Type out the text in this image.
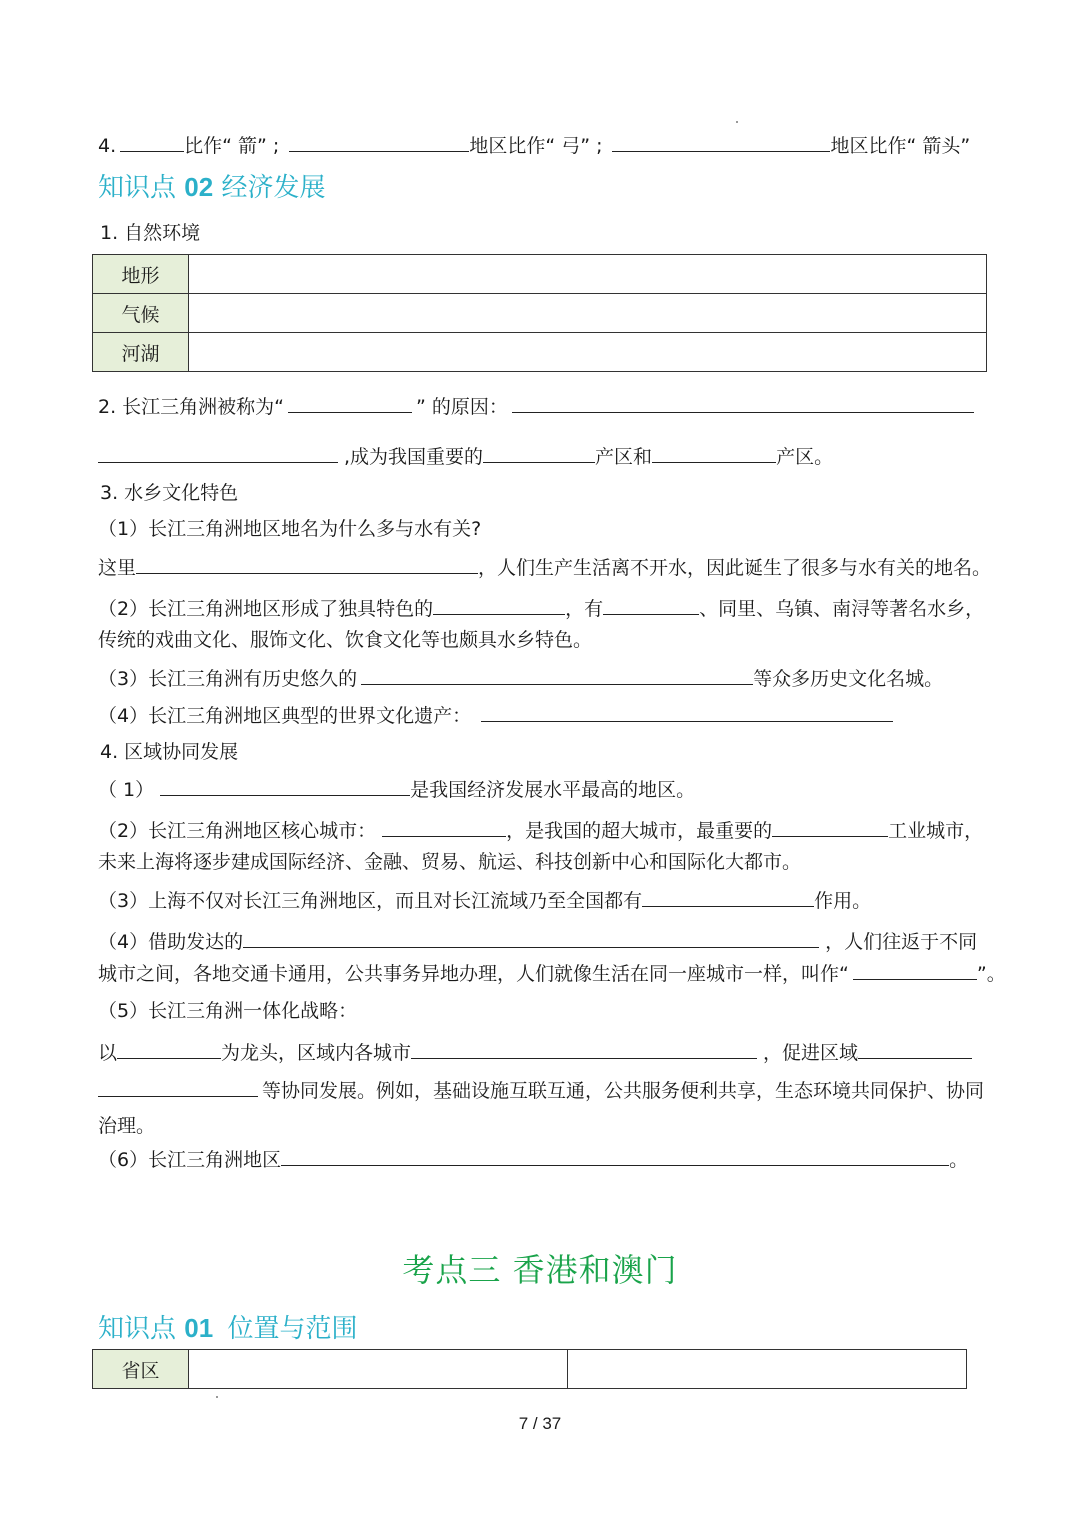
4.	比作“ 箭” ;	地区比作“ 弓” ;	地区比作“ 箭头”
知识点 02 经济发展
1. 自然环境
地形	
气候	
河湖	
2. 长江三角洲被称为“	” 的原因：
,成为我国重要的	产区和	产区。
3. 水乡文化特色
（1）长江三角洲地区地名为什么多与水有关?
这里	，人们生产生活离不开水，因此诞生了很多与水有关的地名。
（2）长江三角洲地区形成了独具特色的	，有	、同里、乌镇、南浔等著名水乡，
传统的戏曲文化、服饰文化、饮食文化等也颇具水乡特色。
（3）长江三角洲有历史悠久的	等众多历史文化名城。
（4）长江三角洲地区典型的世界文化遗产：
4. 区域协同发展
（ 1）	是我国经济发展水平最高的地区。
（2）长江三角洲地区核心城市：	，是我国的超大城市，最重要的	工业城市，
未来上海将逐步建成国际经济、金融、贸易、航运、科技创新中心和国际化大都市。
（3）上海不仅对长江三角洲地区，而且对长江流域乃至全国都有	作用。
（4）借助发达的	，人们往返于不同
城市之间，各地交通卡通用，公共事务异地办理，人们就像生活在同一座城市一样，叫作“	”。
（5）长江三角洲一体化战略：
以	为龙头，区域内各城市	，促进区域
等协同发展。例如，基础设施互联互通，公共服务便利共享，生态环境共同保护、协同
治理。
（6）长江三角洲地区	。
考点三 香港和澳门
知识点 01 位置与范围
省区		
7 / 37
